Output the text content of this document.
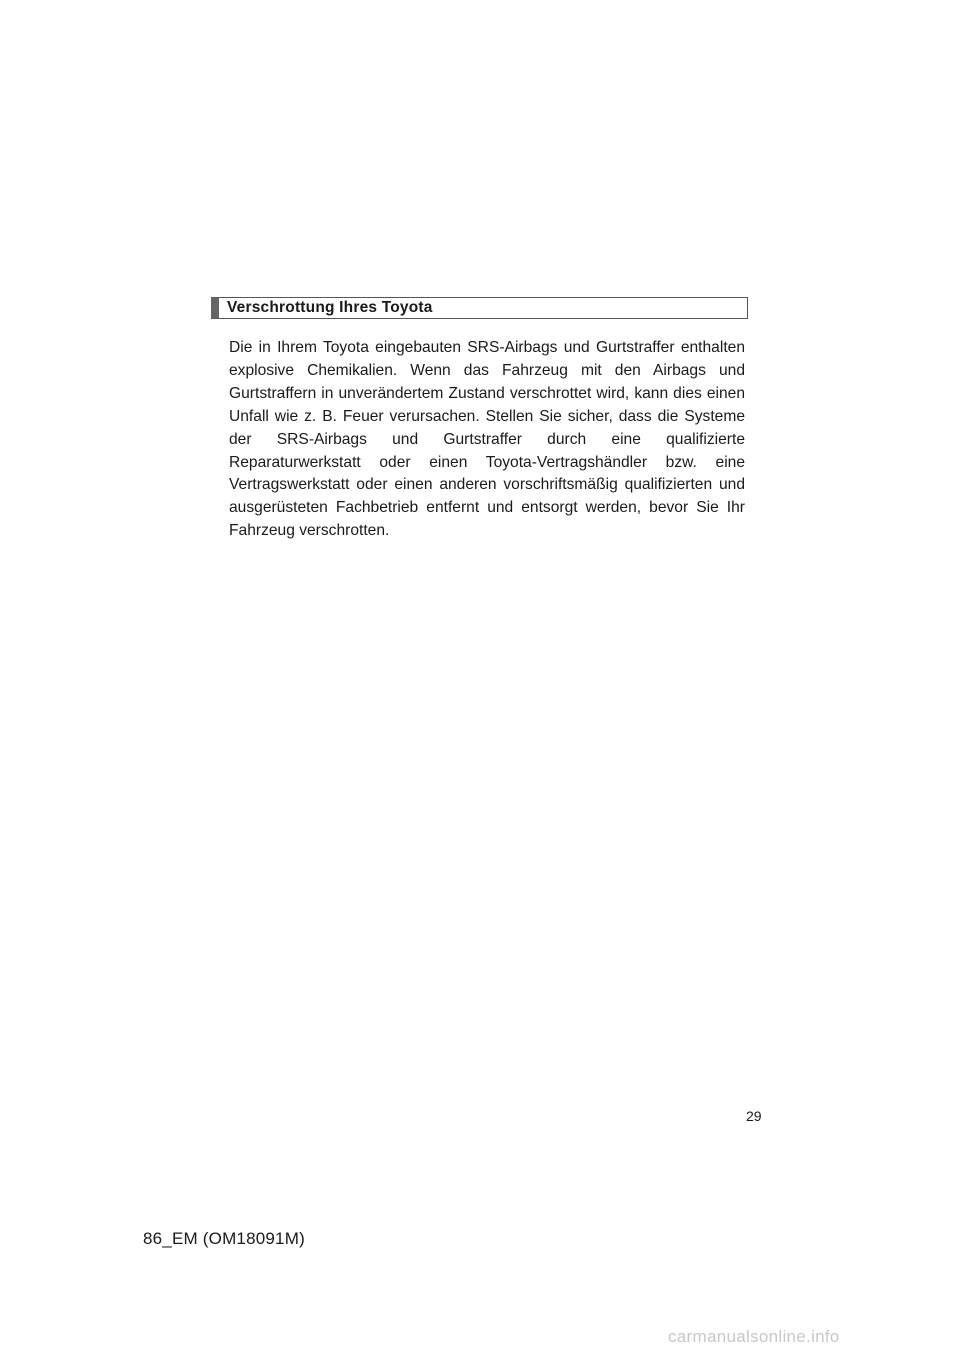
Verschrottung Ihres Toyota

Die in Ihrem Toyota eingebauten SRS-Airbags und Gurtstraffer enthalten explosive Chemikalien. Wenn das Fahrzeug mit den Airbags und Gurtstraffern in unverändertem Zustand verschrottet wird, kann dies einen Unfall wie z. B. Feuer verursachen. Stellen Sie sicher, dass die Systeme der SRS-Airbags und Gurtstraffer durch eine qualifizierte Reparaturwerkstatt oder einen Toyota-Vertragshändler bzw. eine Vertragswerkstatt oder einen anderen vorschriftsmäßig qualifizierten und ausgerüsteten Fachbetrieb entfernt und entsorgt werden, bevor Sie Ihr Fahrzeug verschrotten.

29
86_EM (OM18091M)
carmanualsonline.info
